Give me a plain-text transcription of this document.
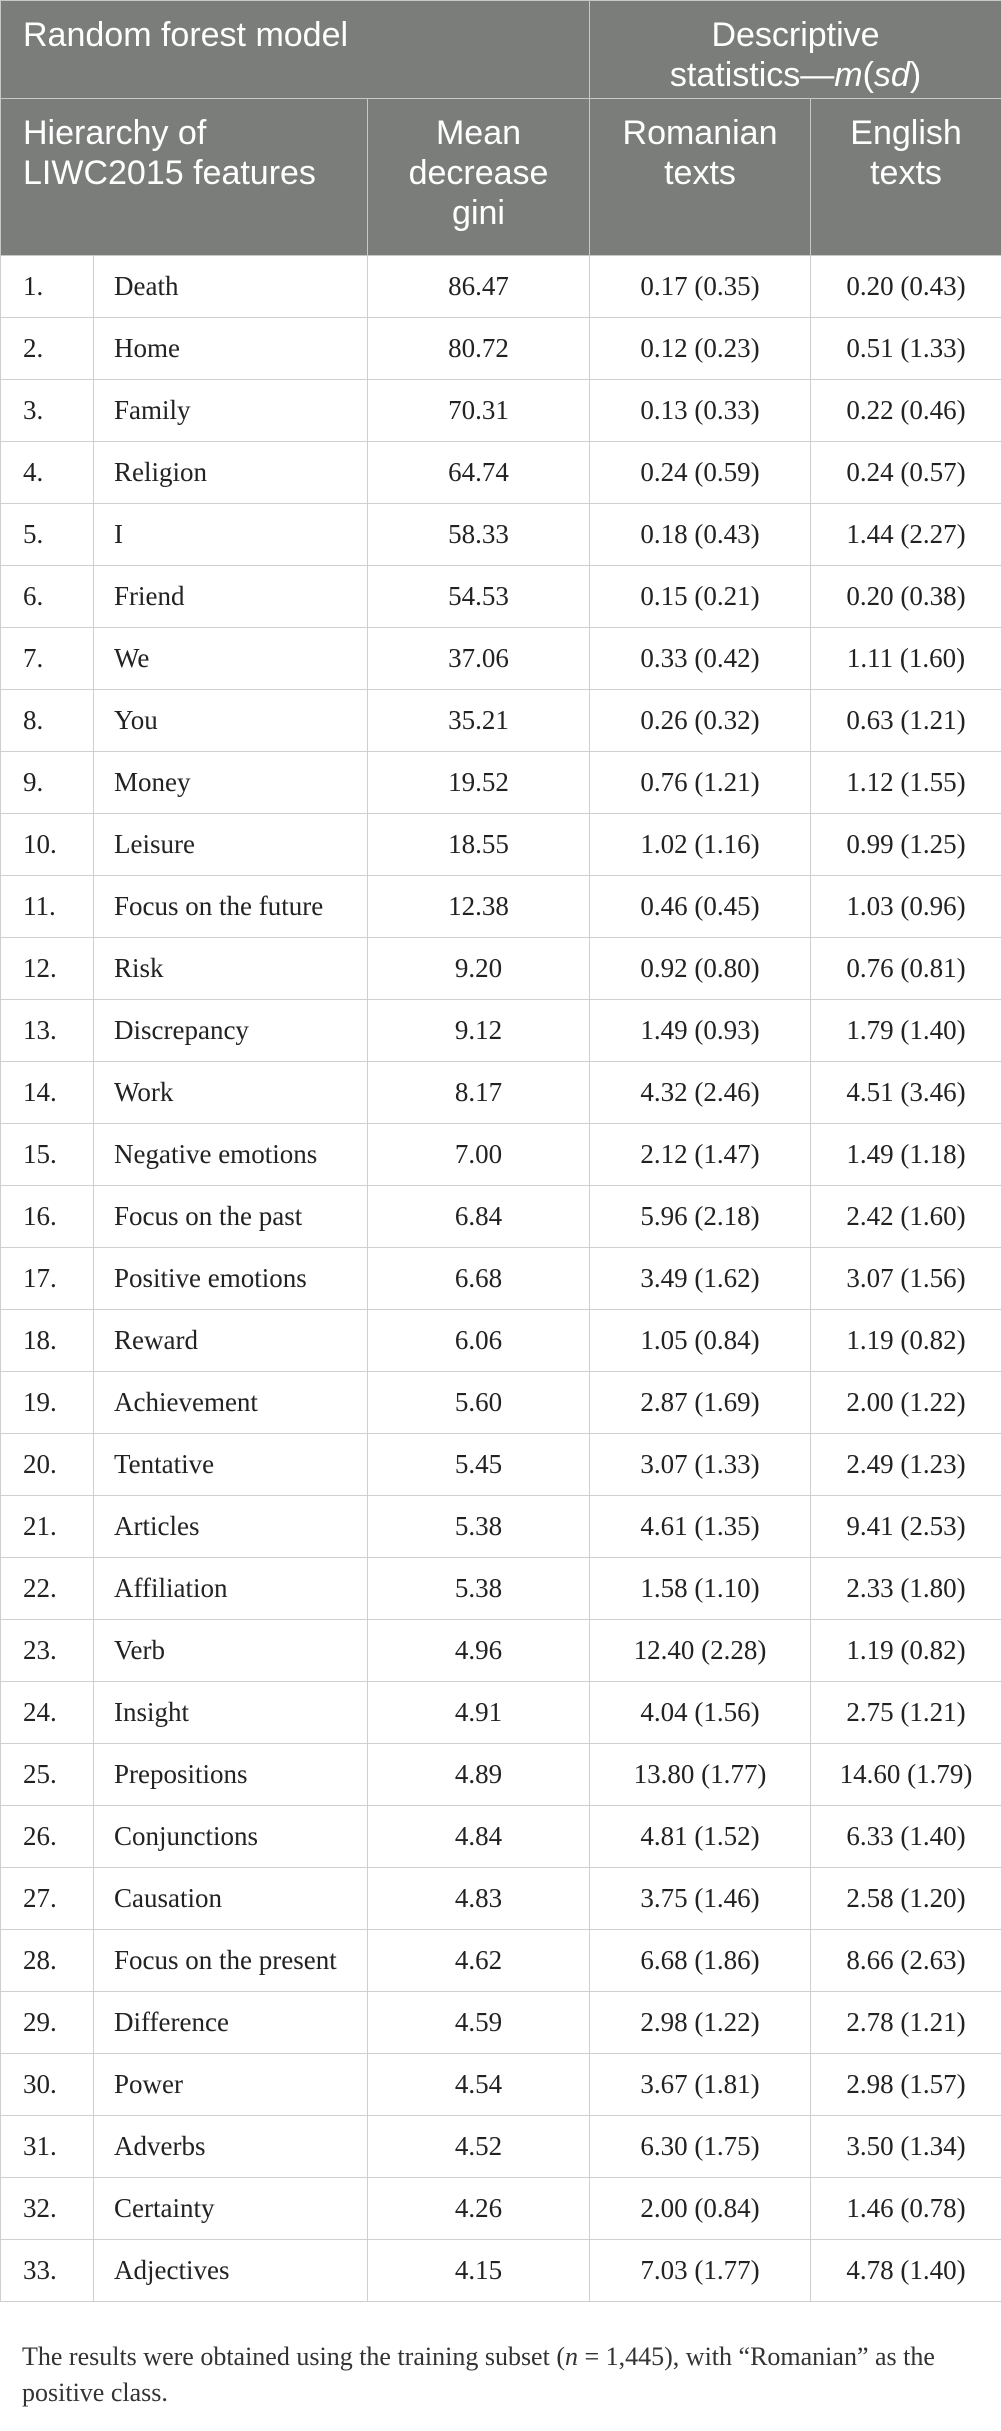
Random forest model			Descriptive
statistics—m(sd)	
Hierarchy of LIWC2015 features		Mean decrease gini	Romanian texts	English texts
1.	Death	86.47	0.17 (0.35)	0.20 (0.43)
2.	Home	80.72	0.12 (0.23)	0.51 (1.33)
3.	Family	70.31	0.13 (0.33)	0.22 (0.46)
4.	Religion	64.74	0.24 (0.59)	0.24 (0.57)
5.	I	58.33	0.18 (0.43)	1.44 (2.27)
6.	Friend	54.53	0.15 (0.21)	0.20 (0.38)
7.	We	37.06	0.33 (0.42)	1.11 (1.60)
8.	You	35.21	0.26 (0.32)	0.63 (1.21)
9.	Money	19.52	0.76 (1.21)	1.12 (1.55)
10.	Leisure	18.55	1.02 (1.16)	0.99 (1.25)
11.	Focus on the future	12.38	0.46 (0.45)	1.03 (0.96)
12.	Risk	9.20	0.92 (0.80)	0.76 (0.81)
13.	Discrepancy	9.12	1.49 (0.93)	1.79 (1.40)
14.	Work	8.17	4.32 (2.46)	4.51 (3.46)
15.	Negative emotions	7.00	2.12 (1.47)	1.49 (1.18)
16.	Focus on the past	6.84	5.96 (2.18)	2.42 (1.60)
17.	Positive emotions	6.68	3.49 (1.62)	3.07 (1.56)
18.	Reward	6.06	1.05 (0.84)	1.19 (0.82)
19.	Achievement	5.60	2.87 (1.69)	2.00 (1.22)
20.	Tentative	5.45	3.07 (1.33)	2.49 (1.23)
21.	Articles	5.38	4.61 (1.35)	9.41 (2.53)
22.	Affiliation	5.38	1.58 (1.10)	2.33 (1.80)
23.	Verb	4.96	12.40 (2.28)	1.19 (0.82)
24.	Insight	4.91	4.04 (1.56)	2.75 (1.21)
25.	Prepositions	4.89	13.80 (1.77)	14.60 (1.79)
26.	Conjunctions	4.84	4.81 (1.52)	6.33 (1.40)
27.	Causation	4.83	3.75 (1.46)	2.58 (1.20)
28.	Focus on the present	4.62	6.68 (1.86)	8.66 (2.63)
29.	Difference	4.59	2.98 (1.22)	2.78 (1.21)
30.	Power	4.54	3.67 (1.81)	2.98 (1.57)
31.	Adverbs	4.52	6.30 (1.75)	3.50 (1.34)
32.	Certainty	4.26	2.00 (0.84)	1.46 (0.78)
33.	Adjectives	4.15	7.03 (1.77)	4.78 (1.40)
The results were obtained using the training subset (n = 1,445), with “Romanian” as the positive class.
